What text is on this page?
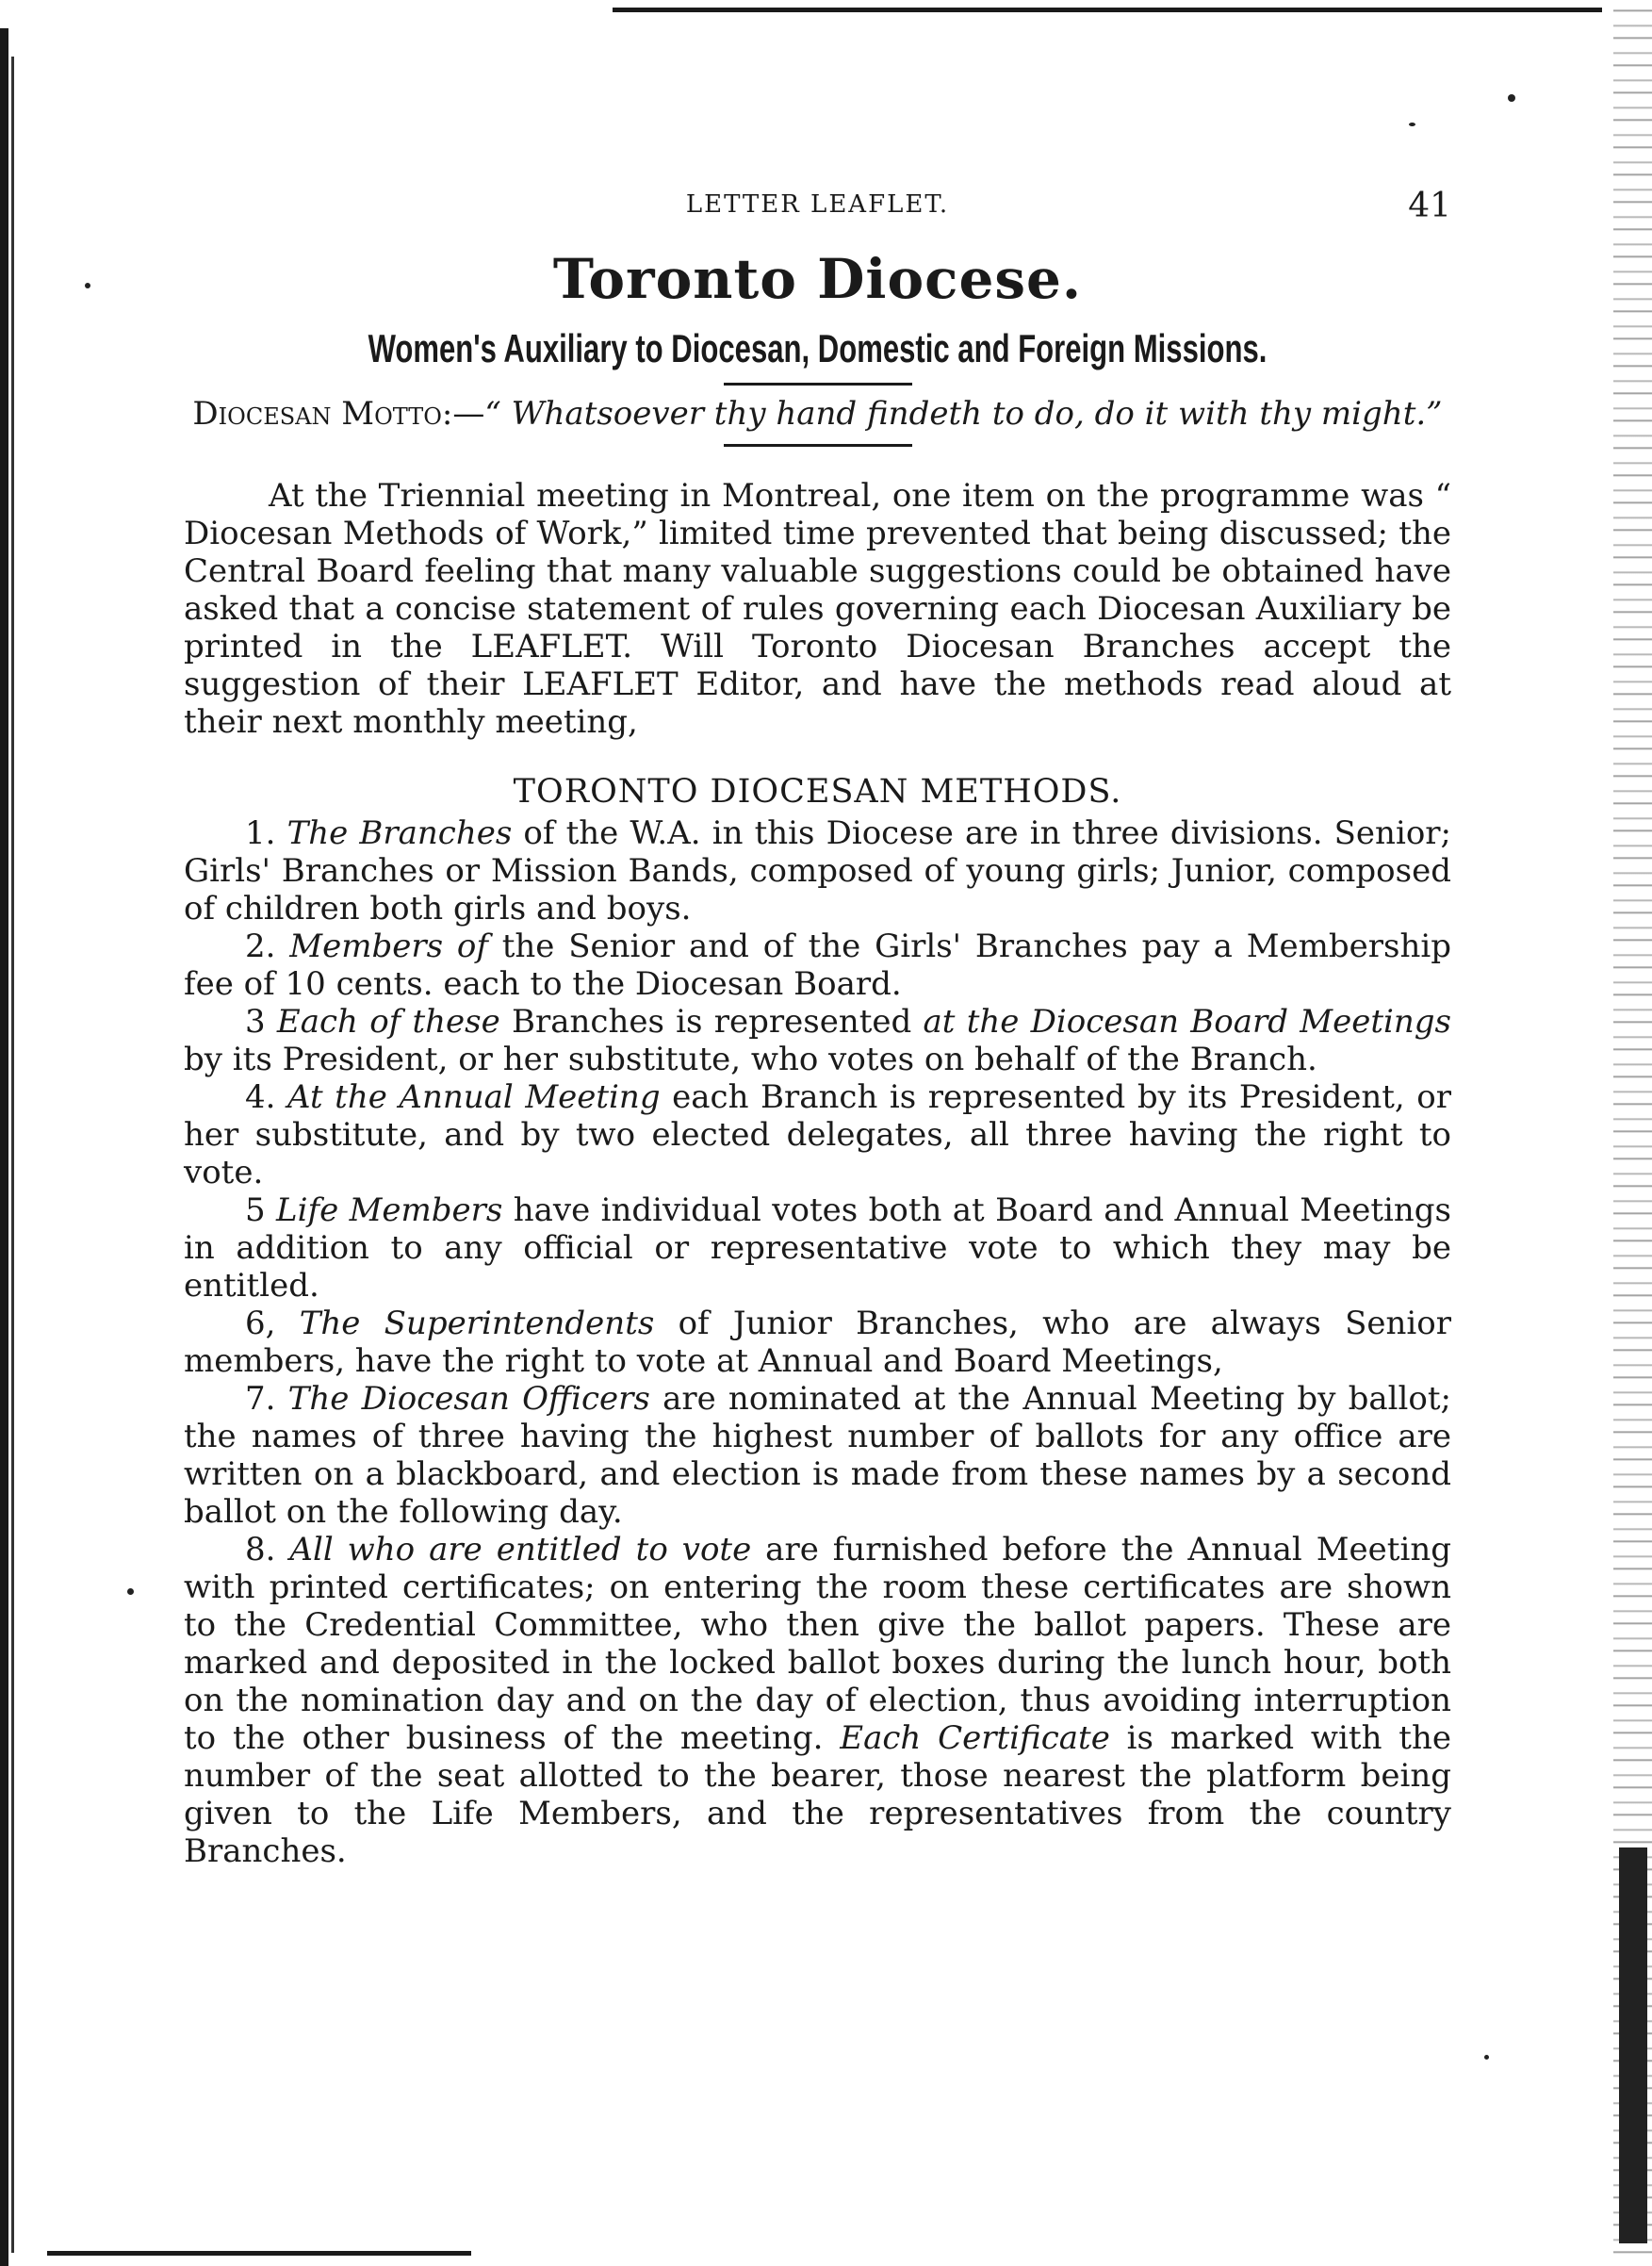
LETTER LEAFLET.	41
Toronto Diocese.
Women's Auxiliary to Diocesan, Domestic and Foreign Missions.
Diocesan Motto:—“ Whatsoever thy hand findeth to do, do it with thy might.”

At the Triennial meeting in Montreal, one item on the programme was “ Diocesan Methods of Work,” limited time prevented that being discussed; the Central Board feeling that many valuable suggestions could be obtained have asked that a concise statement of rules governing each Diocesan Auxiliary be printed in the LEAFLET. Will Toronto Diocesan Branches accept the suggestion of their LEAFLET Editor, and have the methods read aloud at their next monthly meeting,

TORONTO DIOCESAN METHODS.
1. The Branches of the W.A. in this Diocese are in three divisions. Senior; Girls' Branches or Mission Bands, composed of young girls; Junior, composed of children both girls and boys.
2. Members of the Senior and of the Girls' Branches pay a Membership fee of 10 cents. each to the Diocesan Board.
3 Each of these Branches is represented at the Diocesan Board Meetings by its President, or her substitute, who votes on behalf of the Branch.
4. At the Annual Meeting each Branch is represented by its President, or her substitute, and by two elected delegates, all three having the right to vote.
5 Life Members have individual votes both at Board and Annual Meetings in addition to any official or representative vote to which they may be entitled.
6, The Superintendents of Junior Branches, who are always Senior members, have the right to vote at Annual and Board Meetings,
7. The Diocesan Officers are nominated at the Annual Meeting by ballot; the names of three having the highest number of ballots for any office are written on a blackboard, and election is made from these names by a second ballot on the following day.
8. All who are entitled to vote are furnished before the Annual Meeting with printed certificates; on entering the room these certificates are shown to the Credential Committee, who then give the ballot papers. These are marked and deposited in the locked ballot boxes during the lunch hour, both on the nomination day and on the day of election, thus avoiding interruption to the other business of the meeting. Each Certificate is marked with the number of the seat allotted to the bearer, those nearest the platform being given to the Life Members, and the representatives from the country Branches.
